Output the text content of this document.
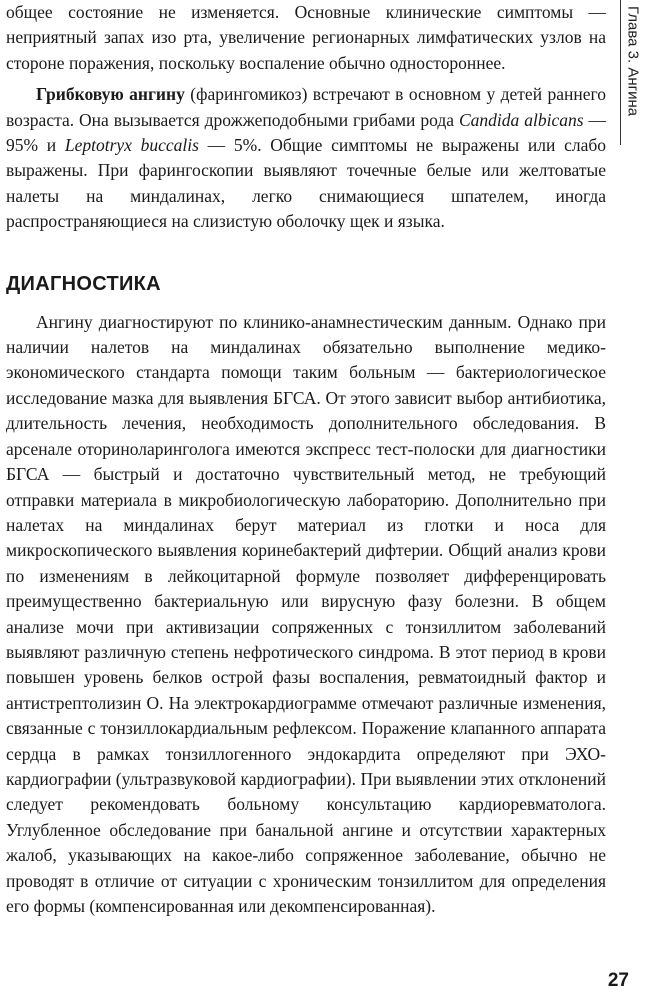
общее состояние не изменяется. Основные клинические симптомы — неприятный запах изо рта, увеличение регионарных лимфатических узлов на стороне поражения, поскольку воспаление обычно одностороннее.

Грибковую ангину (фарингомикоз) встречают в основном у детей раннего возраста. Она вызывается дрожжеподобными грибами рода Candida albicans — 95% и Leptotryx buccalis — 5%. Общие симптомы не выражены или слабо выражены. При фарингоскопии выявляют точечные белые или желтоватые налеты на миндалинах, легко снимающиеся шпателем, иногда распространяющиеся на слизистую оболочку щек и языка.

ДИАГНОСТИКА

Ангину диагностируют по клинико-анамнестическим данным. Однако при наличии налетов на миндалинах обязательно выполнение медико-экономического стандарта помощи таким больным — бактериологическое исследование мазка для выявления БГСА. От этого зависит выбор антибиотика, длительность лечения, необходимость дополнительного обследования. В арсенале оториноларинголога имеются экспресс тест-полоски для диагностики БГСА — быстрый и достаточно чувствительный метод, не требующий отправки материала в микробиологическую лабораторию. Дополнительно при налетах на миндалинах берут материал из глотки и носа для микроскопического выявления коринебактерий дифтерии. Общий анализ крови по изменениям в лейкоцитарной формуле позволяет дифференцировать преимущественно бактериальную или вирусную фазу болезни. В общем анализе мочи при активизации сопряженных с тонзиллитом заболеваний выявляют различную степень нефротического синдрома. В этот период в крови повышен уровень белков острой фазы воспаления, ревматоидный фактор и антистрептолизин О. На электрокардиограмме отмечают различные изменения, связанные с тонзиллокардиальным рефлексом. Поражение клапанного аппарата сердца в рамках тонзиллогенного эндокардита определяют при ЭХО-кардиографии (ультразвуковой кардиографии). При выявлении этих отклонений следует рекомендовать больному консультацию кардиоревматолога. Углубленное обследование при банальной ангине и отсутствии характерных жалоб, указывающих на какое-либо сопряженное заболевание, обычно не проводят в отличие от ситуации с хроническим тонзиллитом для определения его формы (компенсированная или декомпенсированная).

Глава 3. Ангина
27
